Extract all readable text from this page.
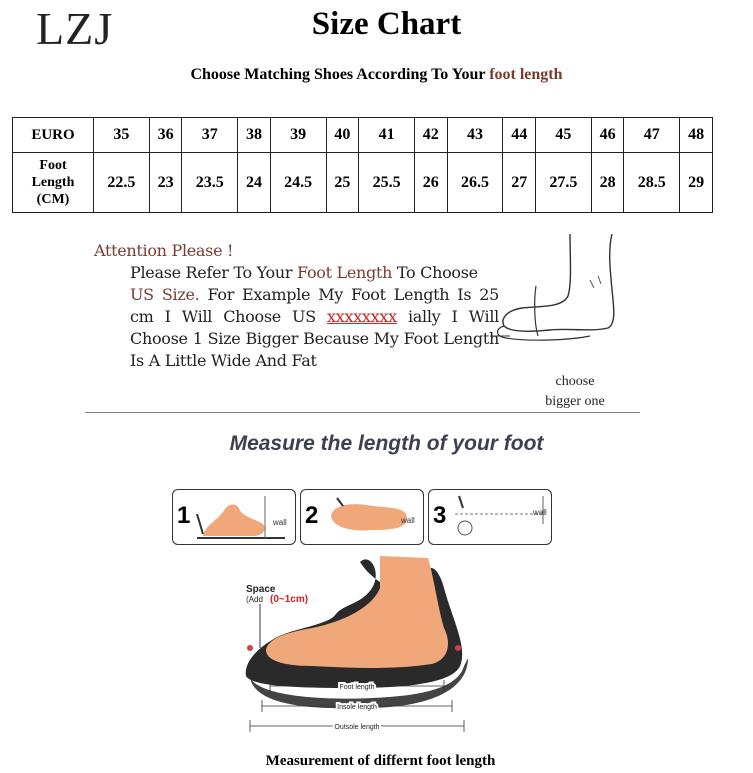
LZJ	Size Chart
Choose Matching Shoes According To Your foot length
EURO	35	36	37	38	39	40	41	42	43	44	45	46	47	48
Foot
Length
(CM)	22.5	23	23.5	24	24.5	25	25.5	26	26.5	27	27.5	28	28.5	29

Attention Please !

Please Refer To Your Foot Length To Choose
US Size. For Example My Foot Length Is 25 cm I Will Choose US xxxxxxxx ially I Will Choose 1 Size Bigger Because My Foot Length Is A Little Wide And Fat

choose
bigger one
Measure the length of your foot
1	wall 2	wall 3	wall
Space
(Add (0~1cm)
Foot length
Insole length
Outsole length
Measurement of differnt foot length
